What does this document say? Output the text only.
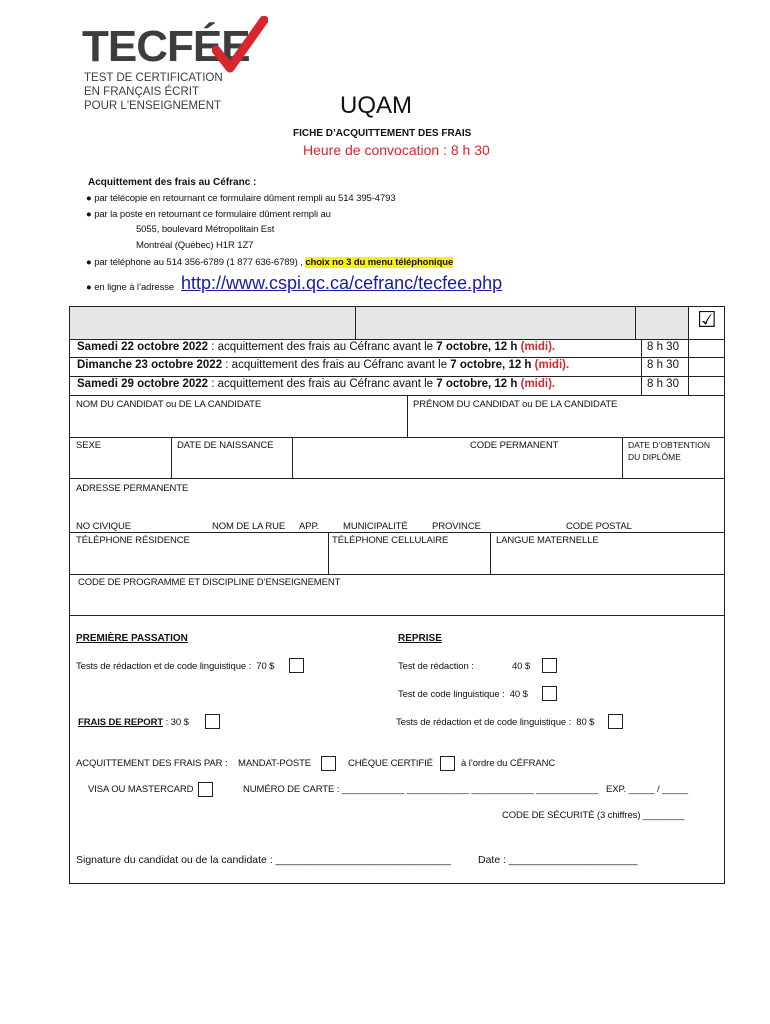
TECFÉE
TEST DE CERTIFICATION
EN FRANÇAIS ÉCRIT
POUR L'ENSEIGNEMENT	UQAM
FICHE D’ACQUITTEMENT DES FRAIS
Heure de convocation : 8 h 30
Acquittement des frais au Céfranc :
● par télécopie en retournant ce formulaire dûment rempli au 514 395-4793
● par la poste en retournant ce formulaire dûment rempli au
5055, boulevard Métropolitain Est
Montréal (Québec) H1R 1Z7
● par téléphone au 514 356-6789 (1 877 636-6789) , choix no 3 du menu téléphonique
● en ligne à l’adresse http://www.cspi.qc.ca/cefranc/tecfee.php
☑
Samedi 22 octobre 2022 : acquittement des frais au Céfranc avant le 7 octobre, 12 h (midi).	8 h 30
Dimanche 23 octobre 2022 : acquittement des frais au Céfranc avant le 7 octobre, 12 h (midi).	8 h 30
Samedi 29 octobre 2022 : acquittement des frais au Céfranc avant le 7 octobre, 12 h (midi).	8 h 30
NOM DU CANDIDAT ou DE LA CANDIDATE	PRÉNOM DU CANDIDAT ou DE LA CANDIDATE
SEXE	DATE DE NAISSANCE	CODE PERMANENT	DATE D’OBTENTION
DU DIPLÔME
ADRESSE PERMANENTE
NO CIVIQUE	NOM DE LA RUE APP.	MUNICIPALITÉ	PROVINCE	CODE POSTAL
TÉLÉPHONE RÉSIDENCE	TÉLÉPHONE CELLULAIRE	LANGUE MATERNELLE
CODE DE PROGRAMME ET DISCIPLINE D’ENSEIGNEMENT
PREMIÈRE PASSATION	REPRISE
Tests de rédaction et de code linguistique : 70 $	Test de rédaction :	40 $
Test de code linguistique : 40 $
FRAIS DE REPORT : 30 $	Tests de rédaction et de code linguistique : 80 $
ACQUITTEMENT DES FRAIS PAR : MANDAT-POSTE	CHÈQUE CERTIFIÉ	à l’ordre du CÉFRANC
VISA OU MASTERCARD	NUMÉRO DE CARTE : ____________ ____________ ____________ ____________ EXP. _____ / _____
CODE DE SÉCURITÉ (3 chiffres) ________
Signature du candidat ou de la candidate : ______________________________	Date : ______________________
